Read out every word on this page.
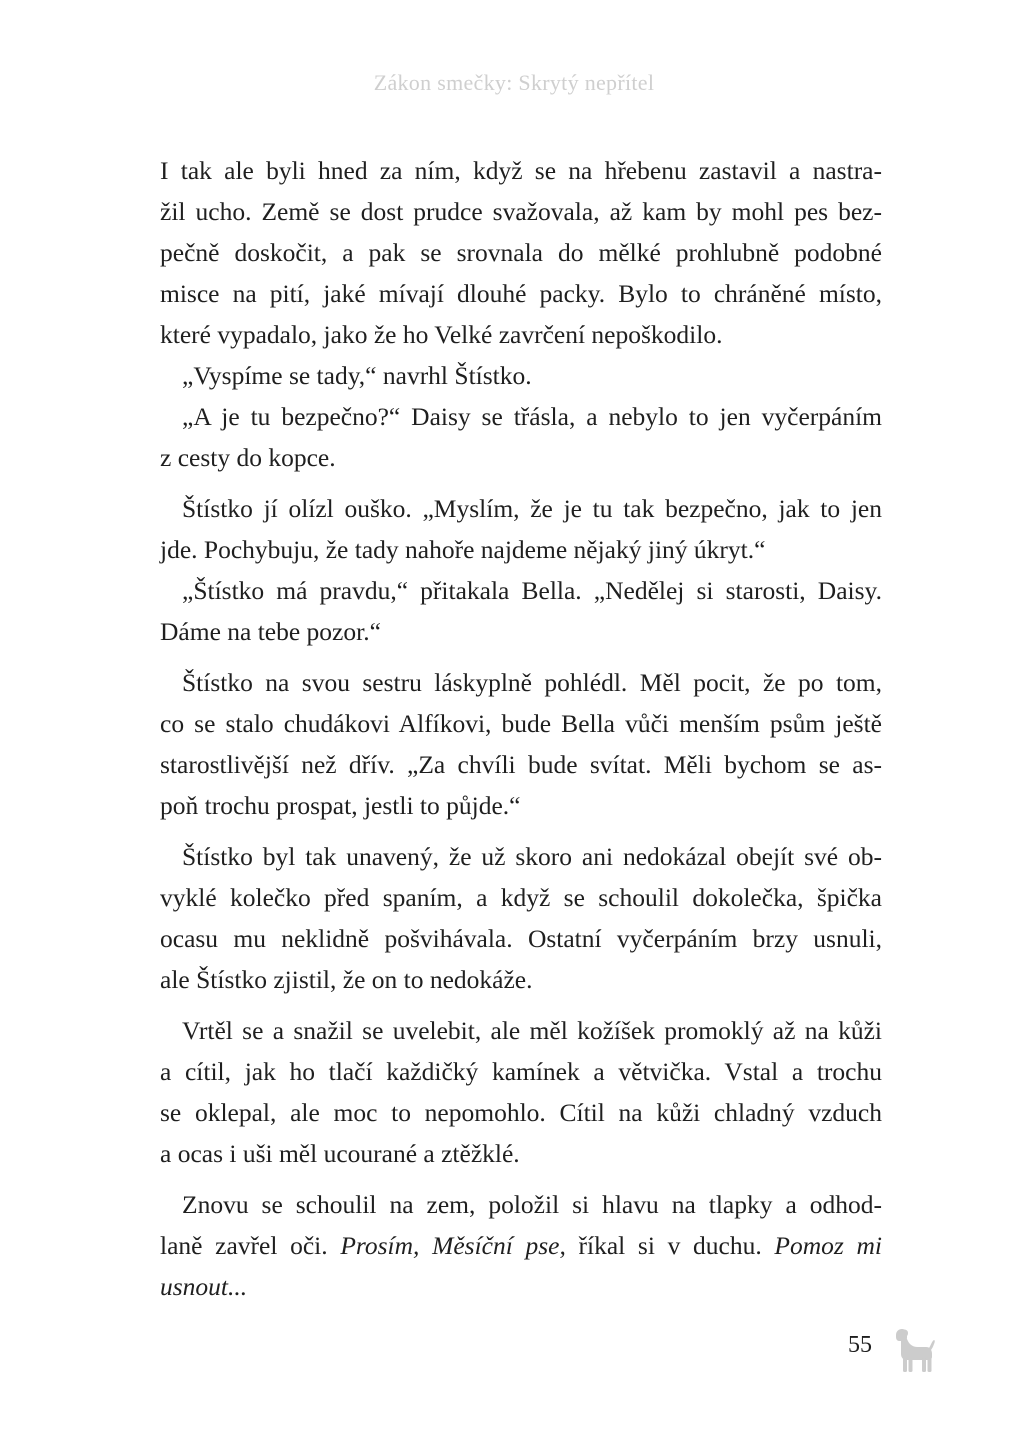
Zákon smečky: Skrytý nepřítel
I tak ale byli hned za ním, když se na hřebenu zastavil a nastra-
žil ucho. Země se dost prudce svažovala, až kam by mohl pes bez-
pečně doskočit, a pak se srovnala do mělké prohlubně podobné
misce na pití, jaké mívají dlouhé packy. Bylo to chráněné místo,
které vypadalo, jako že ho Velké zavrčení nepoškodilo.
„Vyspíme se tady,“ navrhl Štístko.
„A je tu bezpečno?“ Daisy se třásla, a nebylo to jen vyčerpáním
z cesty do kopce.
Štístko jí olízl ouško. „Myslím, že je tu tak bezpečno, jak to jen
jde. Pochybuju, že tady nahoře najdeme nějaký jiný úkryt.“
„Štístko má pravdu,“ přitakala Bella. „Nedělej si starosti, Daisy.
Dáme na tebe pozor.“
Štístko na svou sestru láskyplně pohlédl. Měl pocit, že po tom,
co se stalo chudákovi Alfíkovi, bude Bella vůči menším psům ještě
starostlivější než dřív. „Za chvíli bude svítat. Měli bychom se as-
poň trochu prospat, jestli to půjde.“
Štístko byl tak unavený, že už skoro ani nedokázal obejít své ob-
vyklé kolečko před spaním, a když se schoulil dokolečka, špička
ocasu mu neklidně pošvihávala. Ostatní vyčerpáním brzy usnuli,
ale Štístko zjistil, že on to nedokáže.
Vrtěl se a snažil se uvelebit, ale měl kožíšek promoklý až na kůži
a cítil, jak ho tlačí každičký kamínek a větvička. Vstal a trochu
se oklepal, ale moc to nepomohlo. Cítil na kůži chladný vzduch
a ocas i uši měl ucourané a ztěžklé.
Znovu se schoulil na zem, položil si hlavu na tlapky a odhod-
laně zavřel oči. Prosím, Měsíční pse, říkal si v duchu. Pomoz mi
usnout...
55
